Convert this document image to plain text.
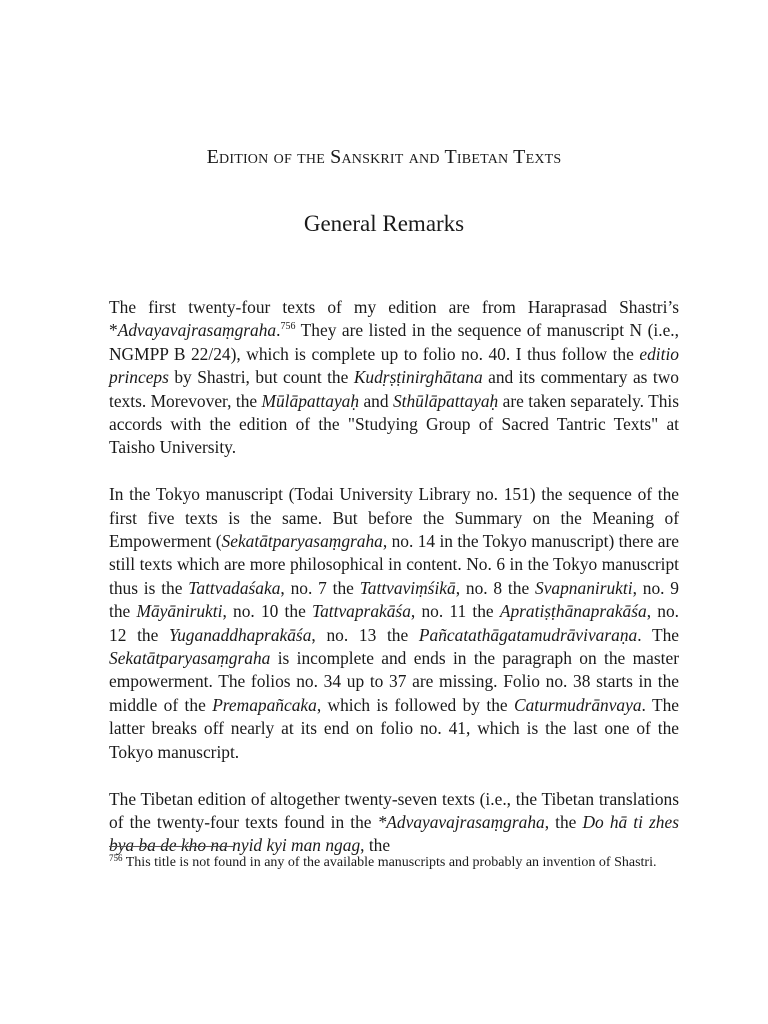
Edition of the Sanskrit and Tibetan Texts
General Remarks

The first twenty-four texts of my edition are from Haraprasad Shastri’s *Advayavajrasaṃgraha.$^{756}$ They are listed in the sequence of manuscript N (i.e., NGMPP B 22/24), which is complete up to folio no. 40. I thus follow the editio princeps by Shastri, but count the Kudṛṣṭinirghātana and its commentary as two texts. Morevover, the Mūlāpattayaḥ and Sthūlāpattayaḥ are taken separately. This accords with the edition of the "Studying Group of Sacred Tantric Texts" at Taisho University.

In the Tokyo manuscript (Todai University Library no. 151) the sequence of the first five texts is the same. But before the Summary on the Meaning of Empowerment (Sekatātparyasaṃgraha, no. 14 in the Tokyo manuscript) there are still texts which are more philosophical in content. No. 6 in the Tokyo manuscript thus is the Tattvadaśaka, no. 7 the Tattvaviṃśikā, no. 8 the Svapnanirukti, no. 9 the Māyānirukti, no. 10 the Tattvaprakāśa, no. 11 the Apratiṣṭhānaprakāśa, no. 12 the Yuganaddhaprakāśa, no. 13 the Pañcatathāgatamudrāvivaraṇa. The Sekatātparyasaṃgraha is incomplete and ends in the paragraph on the master empowerment. The folios no. 34 up to 37 are missing. Folio no. 38 starts in the middle of the Premapañcaka, which is followed by the Caturmudrānvaya. The latter breaks off nearly at its end on folio no. 41, which is the last one of the Tokyo manuscript.

The Tibetan edition of altogether twenty-seven texts (i.e., the Tibetan translations of the twenty-four texts found in the *Advayavajrasaṃgraha, the Do hā ti zhes bya ba de kho na nyid kyi man ngag, the

$^{756}$ This title is not found in any of the available manuscripts and probably an invention of Shastri.
